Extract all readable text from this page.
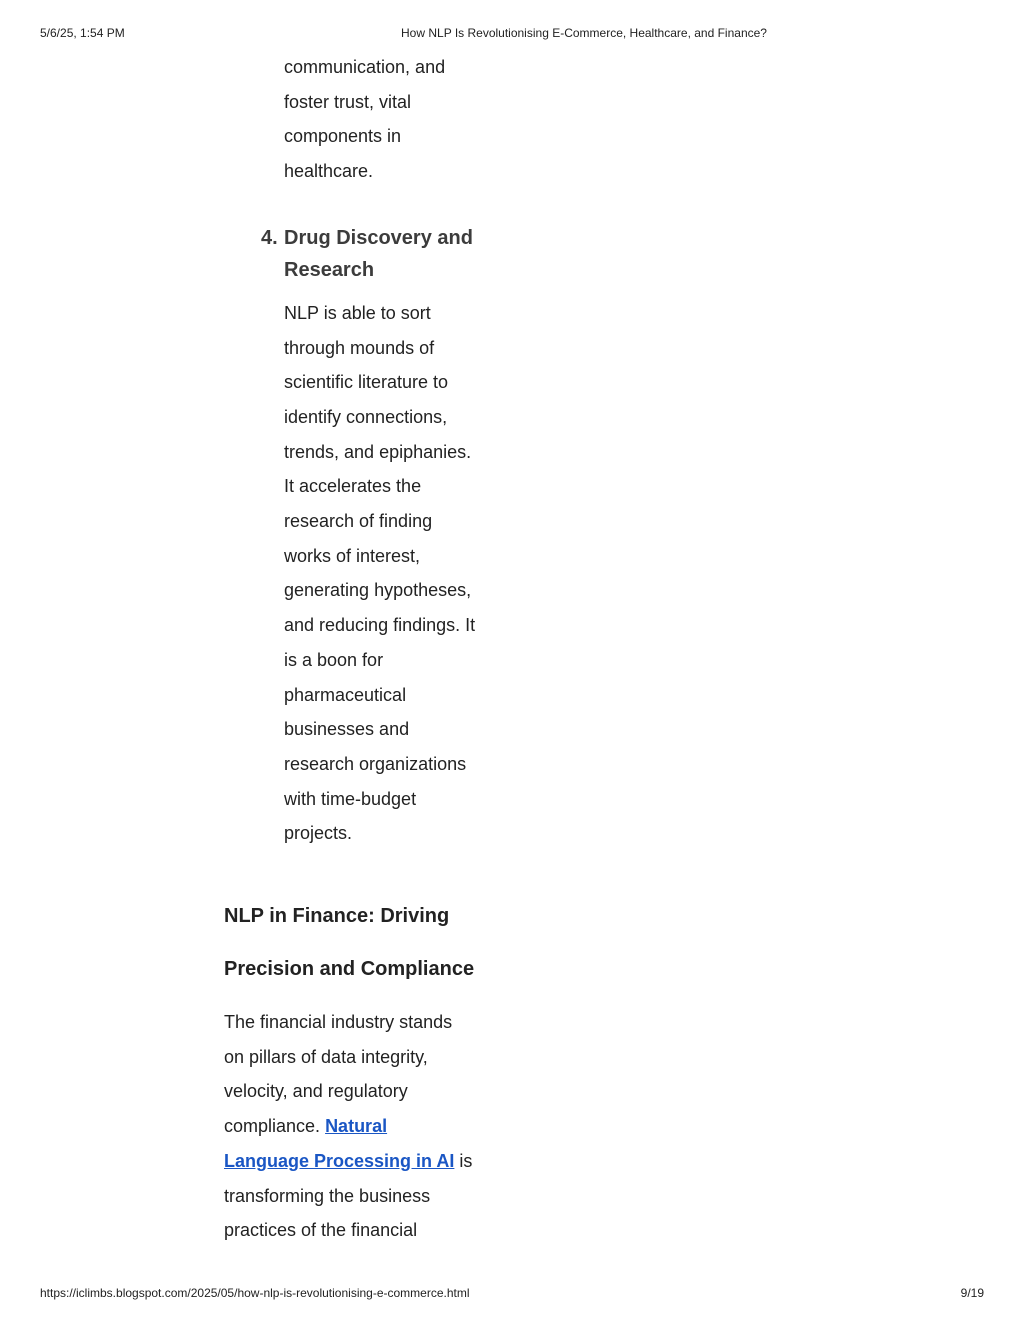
5/6/25, 1:54 PM	How NLP Is Revolutionising E-Commerce, Healthcare, and Finance?

communication, and foster trust, vital components in healthcare.

4. Drug Discovery and Research

NLP is able to sort through mounds of scientific literature to identify connections, trends, and epiphanies. It accelerates the research of finding works of interest, generating hypotheses, and reducing findings. It is a boon for pharmaceutical businesses and research organizations with time-budget projects.

NLP in Finance: Driving Precision and Compliance

The financial industry stands on pillars of data integrity, velocity, and regulatory compliance. Natural Language Processing in AI is transforming the business practices of the financial

https://iclimbs.blogspot.com/2025/05/how-nlp-is-revolutionising-e-commerce.html	9/19
